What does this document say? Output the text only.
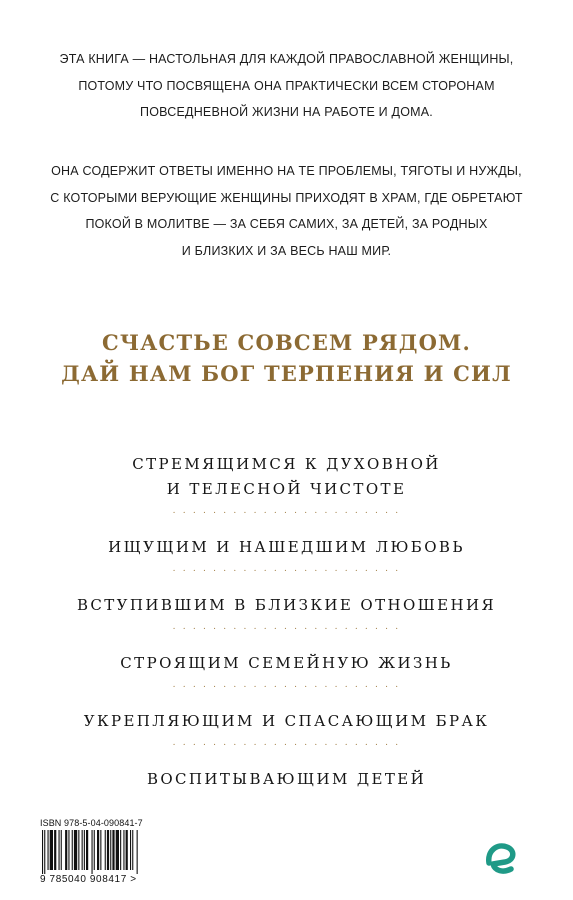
ЭТА КНИГА — НАСТОЛЬНАЯ ДЛЯ КАЖДОЙ ПРАВОСЛАВНОЙ ЖЕНЩИНЫ,
ПОТОМУ ЧТО ПОСВЯЩЕНА ОНА ПРАКТИЧЕСКИ ВСЕМ СТОРОНАМ
ПОВСЕДНЕВНОЙ ЖИЗНИ НА РАБОТЕ И ДОМА.
ОНА СОДЕРЖИТ ОТВЕТЫ ИМЕННО НА ТЕ ПРОБЛЕМЫ, ТЯГОТЫ И НУЖДЫ,
С КОТОРЫМИ ВЕРУЮЩИЕ ЖЕНЩИНЫ ПРИХОДЯТ В ХРАМ, ГДЕ ОБРЕТАЮТ
ПОКОЙ В МОЛИТВЕ — ЗА СЕБЯ САМИХ, ЗА ДЕТЕЙ, ЗА РОДНЫХ
И БЛИЗКИХ И ЗА ВЕСЬ НАШ МИР.
СЧАСТЬЕ СОВСЕМ РЯДОМ.
ДАЙ НАМ БОГ ТЕРПЕНИЯ И СИЛ
СТРЕМЯЩИМСЯ К ДУХОВНОЙ
И ТЕЛЕСНОЙ ЧИСТОТЕ
. . . . . . . . . . . . . . . . . . . . . . .
ИЩУЩИМ И НАШЕДШИМ ЛЮБОВЬ
. . . . . . . . . . . . . . . . . . . . . . .
ВСТУПИВШИМ В БЛИЗКИЕ ОТНОШЕНИЯ
. . . . . . . . . . . . . . . . . . . . . . .
СТРОЯЩИМ СЕМЕЙНУЮ ЖИЗНЬ
. . . . . . . . . . . . . . . . . . . . . . .
УКРЕПЛЯЮЩИМ И СПАСАЮЩИМ БРАК
. . . . . . . . . . . . . . . . . . . . . . .
ВОСПИТЫВАЮЩИМ ДЕТЕЙ
ISBN 978-5-04-090841-7
9 785040 908417 >
